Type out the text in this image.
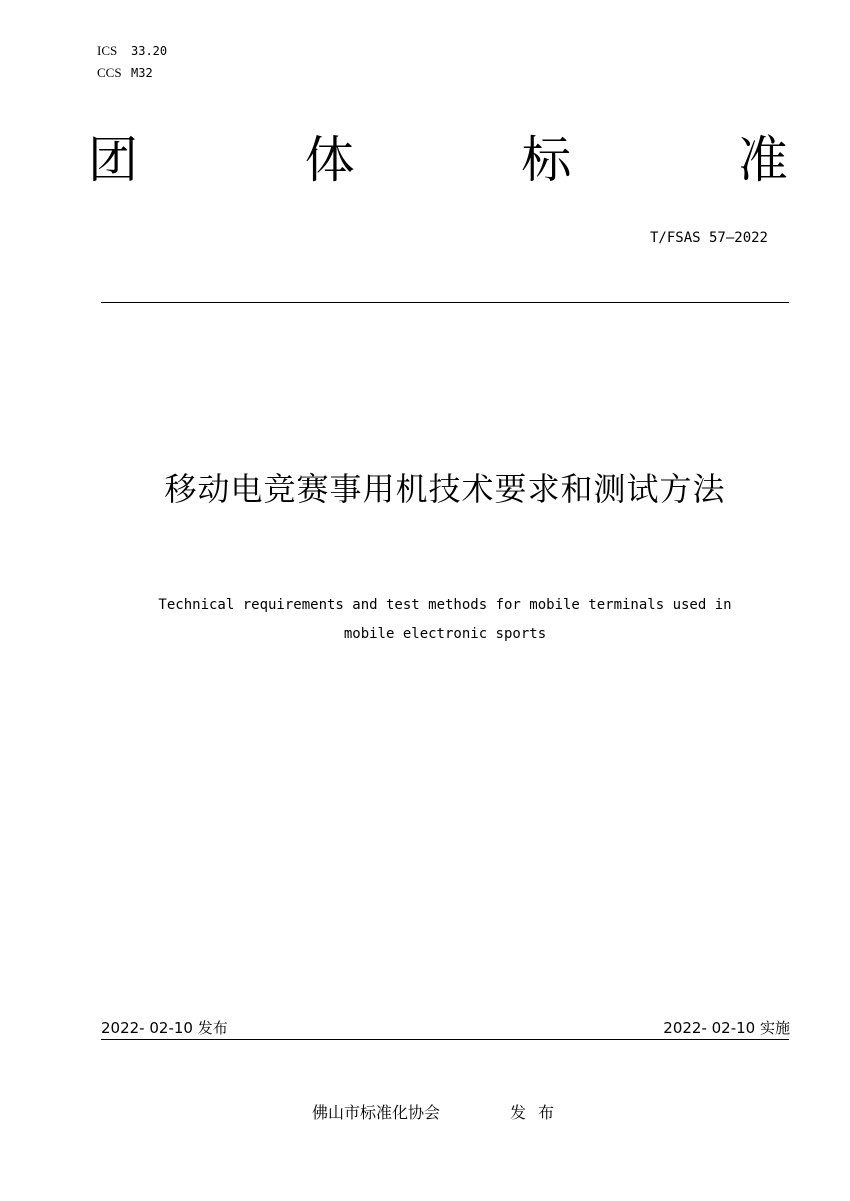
ICS 33.20
CCS M32
团	体	标	准
T/FSAS 57—2022
移动电竞赛事用机技术要求和测试方法
Technical requirements and test methods for mobile terminals used in
mobile electronic sports
2022- 02-10 发布	2022- 02-10 实施
佛山市标准化协会	发布
